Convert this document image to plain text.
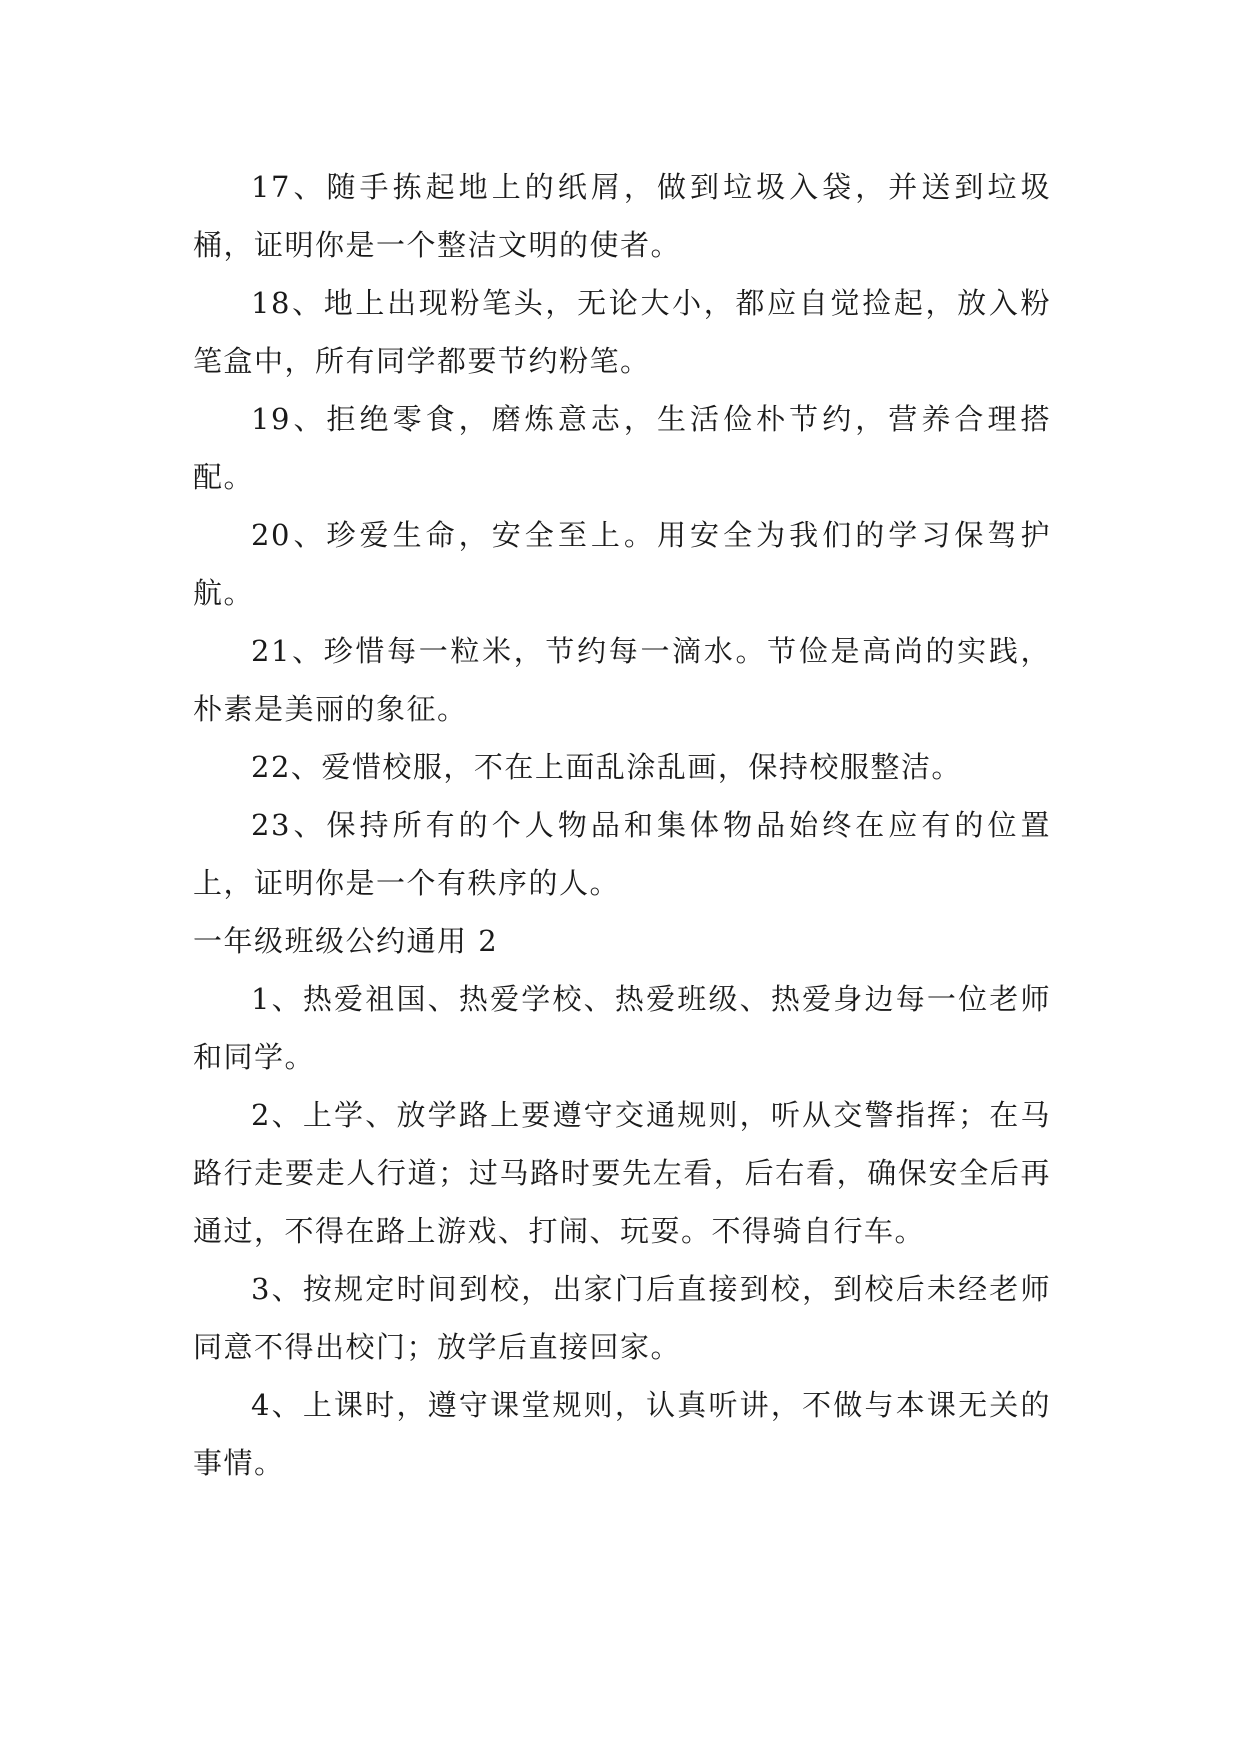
17、随手拣起地上的纸屑，做到垃圾入袋，并送到垃圾桶，证明你是一个整洁文明的使者。

18、地上出现粉笔头，无论大小，都应自觉捡起，放入粉笔盒中，所有同学都要节约粉笔。

19、拒绝零食，磨炼意志，生活俭朴节约，营养合理搭配。

20、珍爱生命，安全至上。用安全为我们的学习保驾护航。

21、珍惜每一粒米，节约每一滴水。节俭是高尚的实践，朴素是美丽的象征。

22、爱惜校服，不在上面乱涂乱画，保持校服整洁。

23、保持所有的个人物品和集体物品始终在应有的位置上，证明你是一个有秩序的人。

一年级班级公约通用 2

1、热爱祖国、热爱学校、热爱班级、热爱身边每一位老师和同学。

2、上学、放学路上要遵守交通规则，听从交警指挥；在马路行走要走人行道；过马路时要先左看，后右看，确保安全后再通过，不得在路上游戏、打闹、玩耍。不得骑自行车。

3、按规定时间到校，出家门后直接到校，到校后未经老师同意不得出校门；放学后直接回家。

4、上课时，遵守课堂规则，认真听讲，不做与本课无关的事情。
